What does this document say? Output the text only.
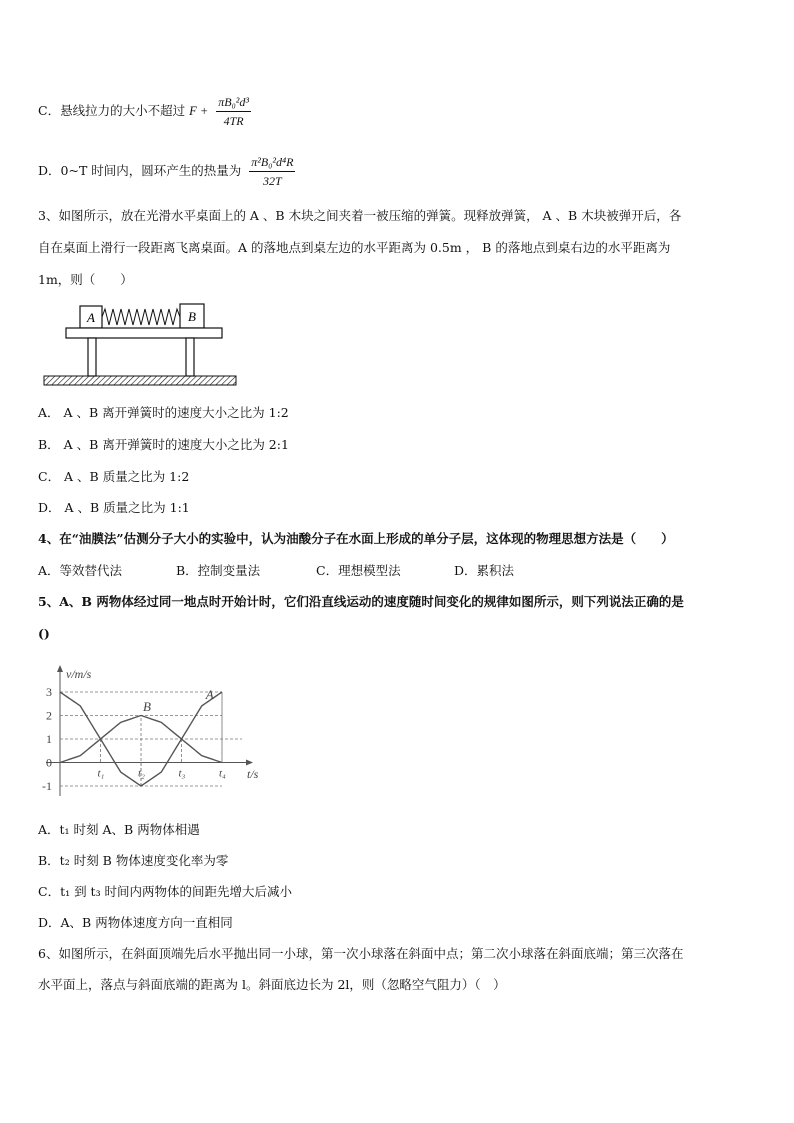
C．悬线拉力的大小不超过 $F + \frac{\text{πB₀²d³}}{4TR}$
D．0~T 时间内，圆环产生的热量为 $\frac{\text{π²B₀²d⁴R}}{32T}$
3、如图所示，放在光滑水平桌面上的 A 、B 木块之间夹着一被压缩的弹簧。现释放弹簧， A 、B 木块被弹开后，各
自在桌面上滑行一段距离飞离桌面。A 的落地点到桌左边的水平距离为 0.5m ， B 的落地点到桌右边的水平距离为
1m，则（　　）
A	B
A． A 、B 离开弹簧时的速度大小之比为 1:2
B． A 、B 离开弹簧时的速度大小之比为 2:1
C． A 、B 质量之比为 1:2
D． A 、B 质量之比为 1:1
4、在“油膜法”估测分子大小的实验中，认为油酸分子在水面上形成的单分子层，这体现的物理思想方法是（　　）
A．等效替代法	B．控制变量法	C．理想模型法	D．累积法
5、A、B 两物体经过同一地点时开始计时，它们沿直线运动的速度随时间变化的规律如图所示，则下列说法正确的是
()
v/m/s
t/s
3
2
1
0
-1
t₁	t₂	t₃	t₄
A
B
A．t₁ 时刻 A、B 两物体相遇
B．t₂ 时刻 B 物体速度变化率为零
C．t₁ 到 t₃ 时间内两物体的间距先增大后减小
D．A、B 两物体速度方向一直相同
6、如图所示，在斜面顶端先后水平抛出同一小球，第一次小球落在斜面中点；第二次小球落在斜面底端；第三次落在
水平面上，落点与斜面底端的距离为 l。斜面底边长为 2l，则（忽略空气阻力）（　）
